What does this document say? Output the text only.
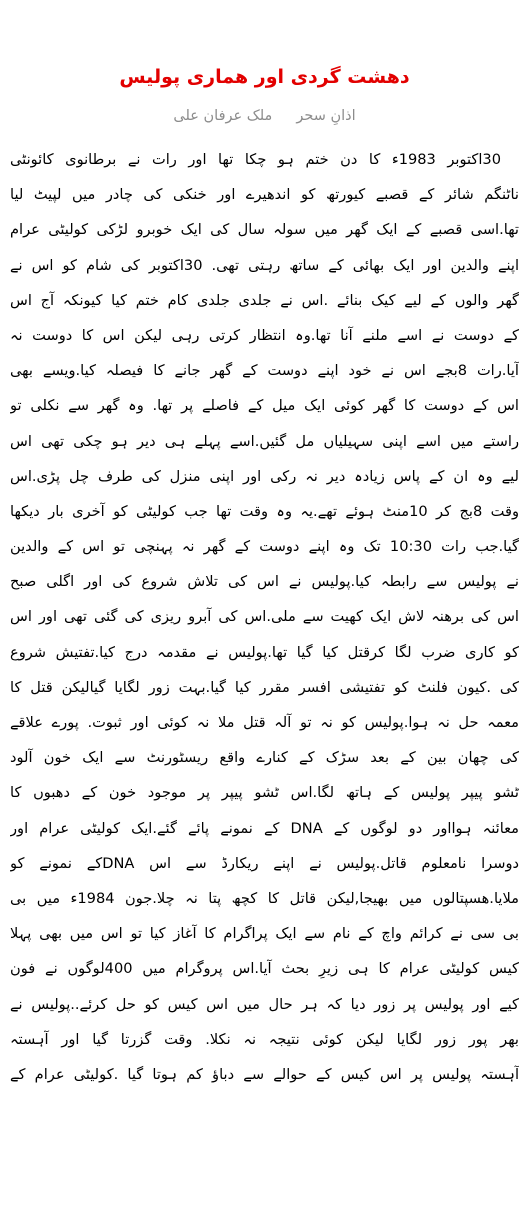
دھشت گردی اور ھماری پولیس
اذانِ سحرملک عرفان علی
30اکتوبر 1983ء کا دن ختم ہو چکا تھا اور رات نے برطانوی کائونٹی
ناٹنگم شائر کے قصبے کیورتھ کو اندھیرے اور خنکی کی چادر میں لپیٹ لیا
تھا.اسی قصبے کے ایک گھر میں سولہ سال کی ایک خوبرو لڑکی کولیٹی عرام
اپنے والدین اور ایک بھائی کے ساتھ رہتی تھی. 30اکتوبر کی شام کو اس نے
گھر والوں کے لیے کیک بنائے .اس نے جلدی جلدی کام ختم کیا کیونکہ آج اس
کے دوست نے اسے ملنے آنا تھا.وہ انتظار کرتی رہی لیکن اس کا دوست نہ
آیا.رات 8بجے اس نے خود اپنے دوست کے گھر جانے کا فیصلہ کیا.ویسے بھی
اس کے دوست کا گھر کوئی ایک میل کے فاصلے پر تھا. وہ گھر سے نکلی تو
راستے میں اسے اپنی سہیلیاں مل گئیں.اسے پہلے ہی دیر ہو چکی تھی اس
لیے وہ ان کے پاس زیادہ دیر نہ رکی اور اپنی منزل کی طرف چل پڑی.اس
وقت 8بج کر 10منٹ ہوئے تھے.یہ وہ وقت تھا جب کولیٹی کو آخری بار دیکھا
گیا.جب رات 10:30 تک وہ اپنے دوست کے گھر نہ پہنچی تو اس کے والدین
نے پولیس سے رابطہ کیا.پولیس نے اس کی تلاش شروع کی اور اگلی صبح
اس کی برھنہ لاش ایک کھیت سے ملی.اس کی آبرو ریزی کی گئی تھی اور اس
کو کاری ضرب لگا کرقتل کیا گیا تھا.پولیس نے مقدمہ درج کیا.تفتیش شروع
کی .کیون فلنٹ کو تفتیشی افسر مقرر کیا گیا.بہت زور لگایا گیالیکن قتل کا
معمہ حل نہ ہوا.پولیس کو نہ تو آلہ قتل ملا نہ کوئی اور ثبوت. پورے علاقے
کی چھان بین کے بعد سڑک کے کنارے واقع ریسٹورنٹ سے ایک خون آلود
ٹشو پیپر پولیس کے ہاتھ لگا.اس ٹشو پیپر پر موجود خون کے دھبوں کا
معائنہ ہوااور دو لوگوں کے DNA کے نمونے پائے گئے.ایک کولیٹی عرام اور
دوسرا نامعلوم قاتل.پولیس نے اپنے ریکارڈ سے اس DNAکے نمونے کو
ملایا.ھسپتالوں میں بھیجا,لیکن قاتل کا کچھ پتا نہ چلا.جون 1984ء میں بی
بی سی نے کرائم واچ کے نام سے ایک پراگرام کا آغاز کیا تو اس میں بھی پہلا
کیس کولیٹی عرام کا ہی زیرِ بحث آیا.اس پروگرام میں 400لوگوں نے فون
کیے اور پولیس پر زور دیا کہ ہر حال میں اس کیس کو حل کرئے..پولیس نے
بھر پور زور لگایا لیکن کوئی نتیجہ نہ نکلا. وقت گزرتا گیا اور آہستہ
آہستہ پولیس پر اس کیس کے حوالے سے دباؤ کم ہوتا گیا .کولیٹی عرام کے
